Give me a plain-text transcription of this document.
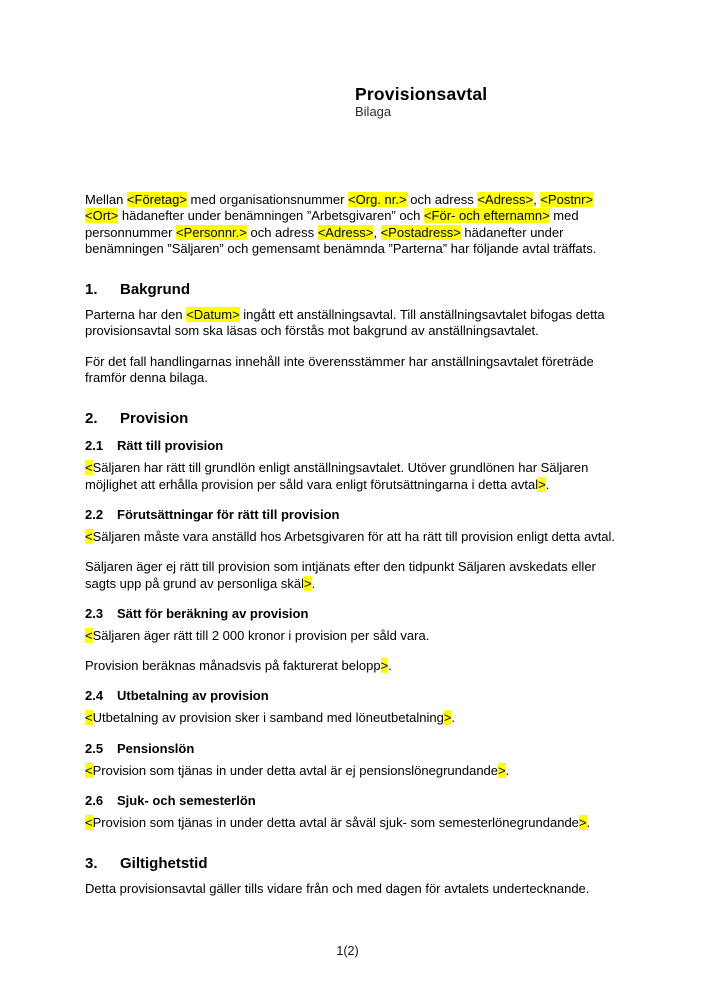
Provisionsavtal
Bilaga

Mellan <Företag> med organisationsnummer <Org. nr.> och adress <Adress>, <Postnr> <Ort> hädanefter under benämningen ”Arbetsgivaren” och <För- och efternamn> med personnummer <Personnr.> och adress <Adress>, <Postadress> hädanefter under benämningen ”Säljaren” och gemensamt benämnda ”Parterna” har följande avtal träffats.

1.	Bakgrund

Parterna har den <Datum> ingått ett anställningsavtal. Till anställningsavtalet bifogas detta provisionsavtal som ska läsas och förstås mot bakgrund av anställningsavtalet.

För det fall handlingarnas innehåll inte överensstämmer har anställningsavtalet företräde framför denna bilaga.

2.	Provision
2.1	Rätt till provision

<Säljaren har rätt till grundlön enligt anställningsavtalet. Utöver grundlönen har Säljaren möjlighet att erhålla provision per såld vara enligt förutsättningarna i detta avtal>.

2.2	Förutsättningar för rätt till provision

<Säljaren måste vara anställd hos Arbetsgivaren för att ha rätt till provision enligt detta avtal.

Säljaren äger ej rätt till provision som intjänats efter den tidpunkt Säljaren avskedats eller sagts upp på grund av personliga skäl>.

2.3	Sätt för beräkning av provision

<Säljaren äger rätt till 2 000 kronor i provision per såld vara.

Provision beräknas månadsvis på fakturerat belopp>.

2.4	Utbetalning av provision

<Utbetalning av provision sker i samband med löneutbetalning>.

2.5	Pensionslön

<Provision som tjänas in under detta avtal är ej pensionslönegrundande>.

2.6	Sjuk- och semesterlön

<Provision som tjänas in under detta avtal är såväl sjuk- som semesterlönegrundande>.

3.	Giltighetstid

Detta provisionsavtal gäller tills vidare från och med dagen för avtalets undertecknande.

1(2)
